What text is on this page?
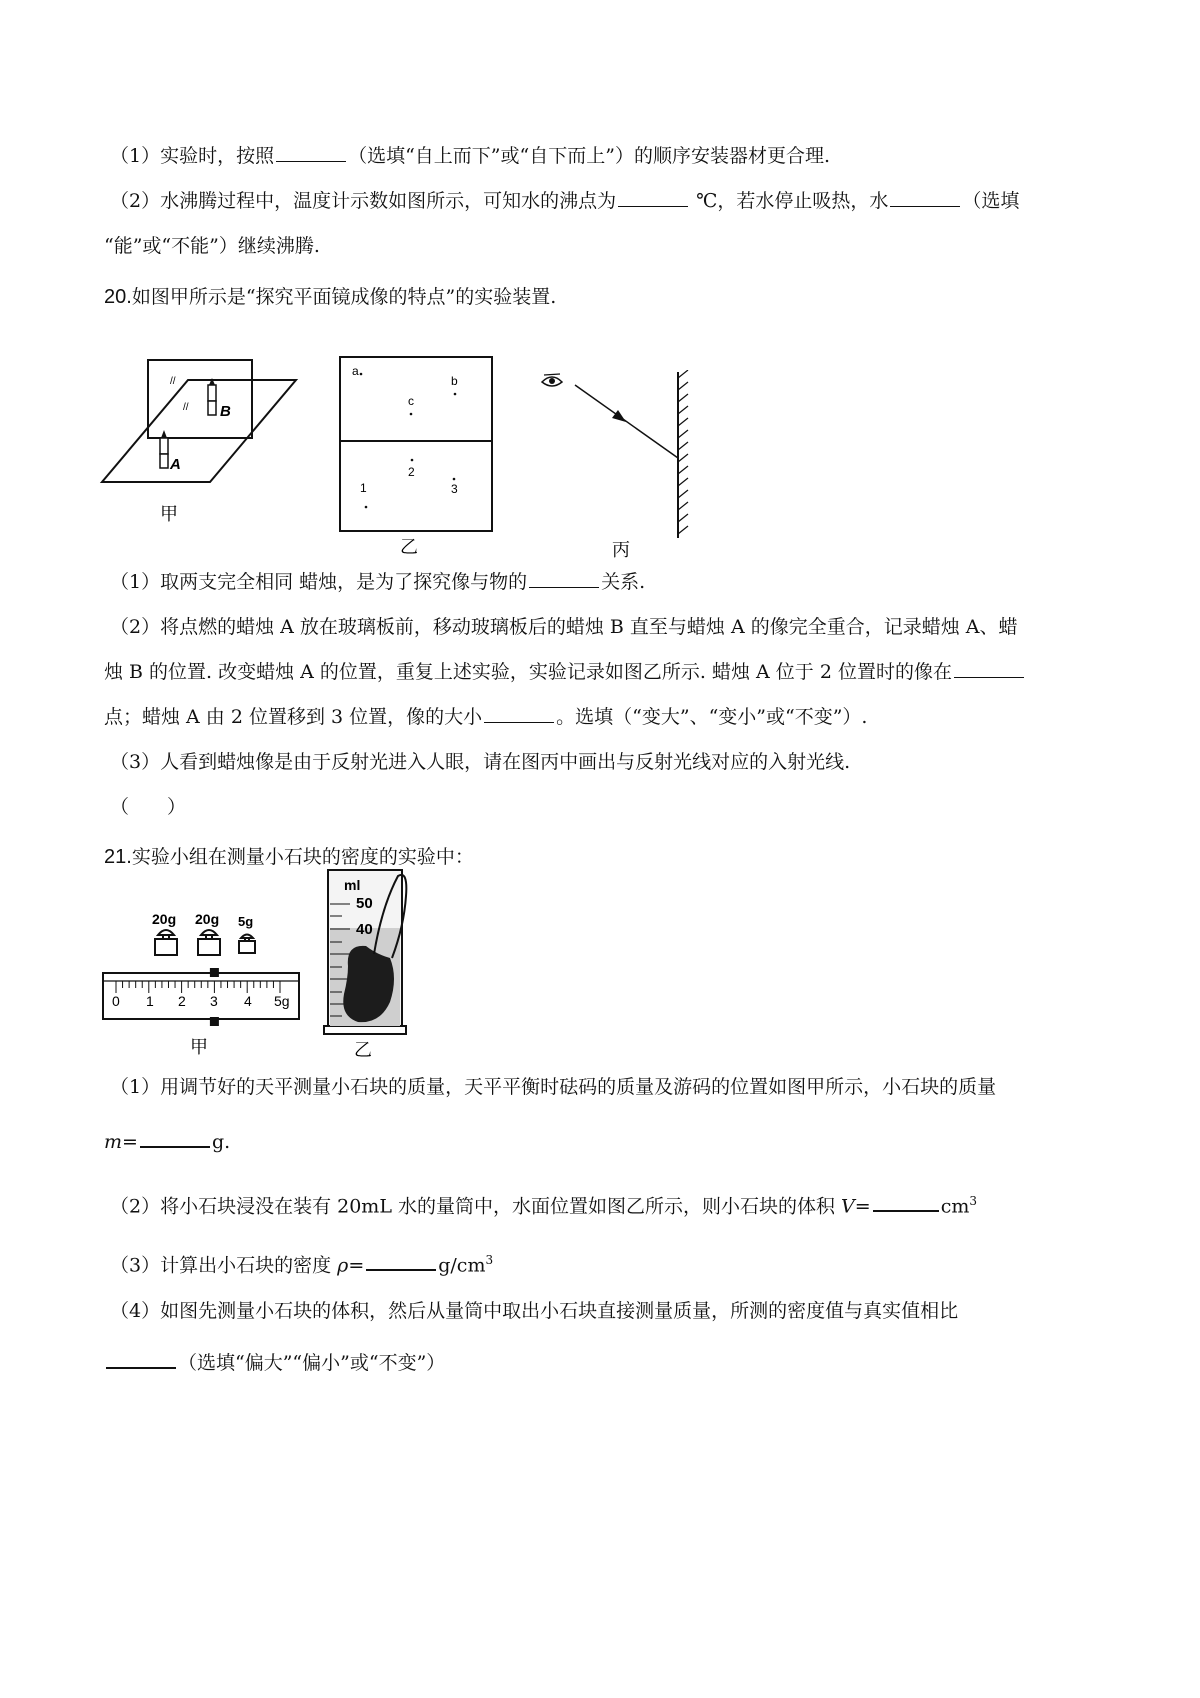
（1）实验时，按照	（选填“自上而下”或“自下而上”）的顺序安装器材更合理.
（2）水沸腾过程中，温度计示数如图所示，可知水的沸点为	℃，若水停止吸热，水	（选填
“能”或“不能”）继续沸腾.
20.如图甲所示是“探究平面镜成像的特点”的实验装置.
//
// B
A
甲
a
b
c
2
3
1
乙	丙
（1）取两支完全相同 蜡烛，是为了探究像与物的	关系.
（2）将点燃的蜡烛 A 放在玻璃板前，移动玻璃板后的蜡烛 B 直至与蜡烛 A 的像完全重合，记录蜡烛 A、蜡
烛 B 的位置. 改变蜡烛 A 的位置，重复上述实验，实验记录如图乙所示. 蜡烛 A 位于 2 位置时的像在
点；蜡烛 A 由 2 位置移到 3 位置，像的大小	。选填（“变大”、“变小”或“不变”）.
（3）人看到蜡烛像是由于反射光进入人眼，请在图丙中画出与反射光线对应的入射光线.
（　　）
21.实验小组在测量小石块的密度的实验中：
20g 20g 5g
0 1 2 3 4 5g
甲
ml
50
40
乙
（1）用调节好的天平测量小石块的质量，天平平衡时砝码的质量及游码的位置如图甲所示，小石块的质量
m=	g.
（2）将小石块浸没在装有 20mL 水的量筒中，水面位置如图乙所示，则小石块的体积 V=	$cm^3$
（3）计算出小石块的密度 ρ=	$g/cm^3$
（4）如图先测量小石块的体积，然后从量筒中取出小石块直接测量质量，所测的密度值与真实值相比
（选填“偏大”“偏小”或“不变”）
